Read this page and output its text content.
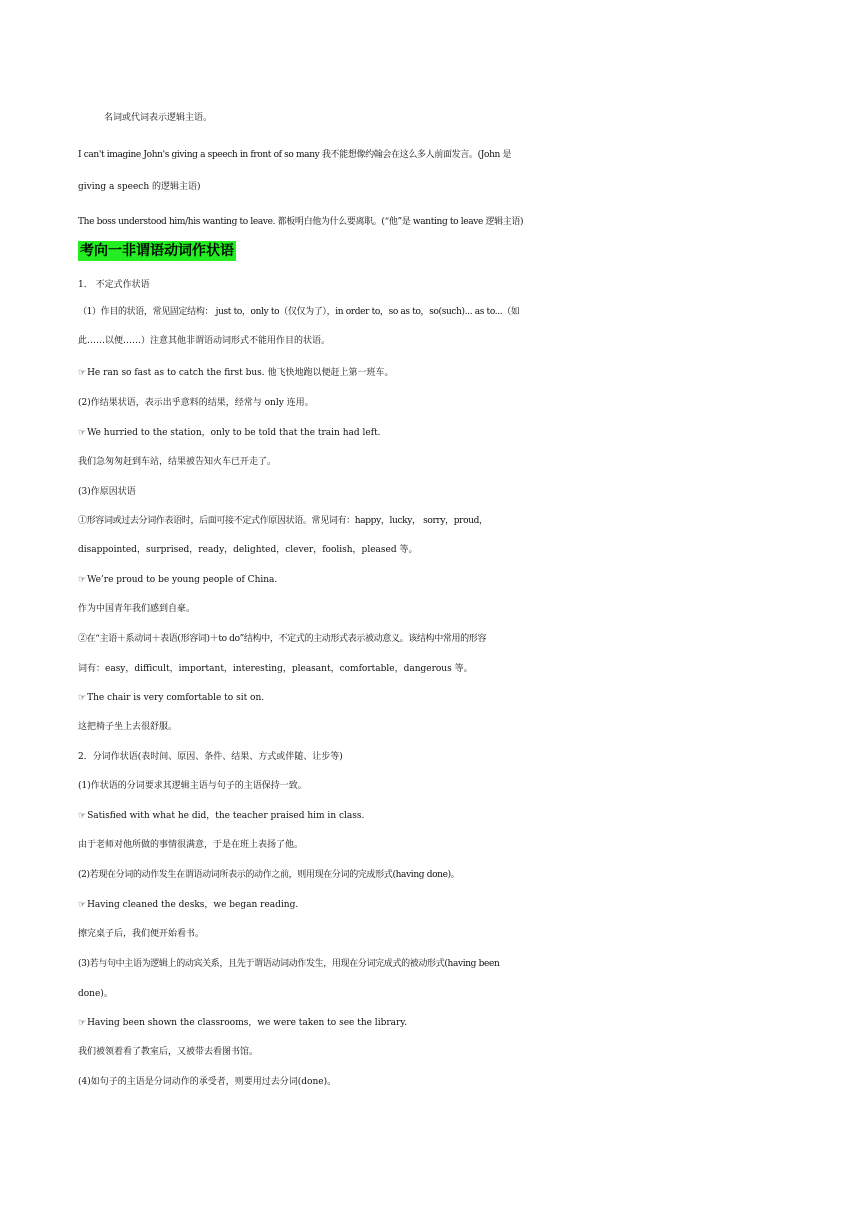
名词或代词表示逻辑主语。
I can't imagine John's giving a speech in front of so many 我不能想像约翰会在这么多人前面发言。(John 是
giving a speech 的逻辑主语)
The boss understood him/his wanting to leave. 都板明白他为什么要离职。(“他”是 wanting to leave 逻辑主语)
考向一非谓语动词作状语
1． 不定式作状语
（1）作目的状语，常见固定结构： just to，only to（仅仅为了），in order to，so as to，so(such)... as to...（如
此……以便……）注意其他非谓语动词形式不能用作目的状语。
☞He ran so fast as to catch the first bus. 他飞快地跑以便赶上第一班车。
(2)作结果状语，表示出乎意料的结果，经常与 only 连用。
☞We hurried to the station，only to be told that the train had left.
我们急匆匆赶到车站，结果被告知火车已开走了。
(3)作原因状语
①形容词或过去分词作表语时，后面可接不定式作原因状语。常见词有：happy，lucky， sorry，proud，
disappointed，surprised，ready，delighted，clever，foolish，pleased 等。
☞We’re proud to be young people of China.
作为中国青年我们感到自豪。
②在“主语＋系动词＋表语(形容词)＋to do”结构中，不定式的主动形式表示被动意义。该结构中常用的形容
词有：easy，difficult，important，interesting，pleasant，comfortable，dangerous 等。
☞The chair is very comfortable to sit on.
这把椅子坐上去很舒服。
2．分词作状语(表时间、原因、条件、结果、方式或伴随、让步等)
(1)作状语的分词要求其逻辑主语与句子的主语保持一致。
☞Satisfied with what he did，the teacher praised him in class.
由于老师对他所做的事情很满意，于是在班上表扬了他。
(2)若现在分词的动作发生在谓语动词所表示的动作之前，则用现在分词的完成形式(having done)。
☞Having cleaned the desks，we began reading.
擦完桌子后，我们便开始看书。
(3)若与句中主语为逻辑上的动宾关系，且先于谓语动词动作发生，用现在分词完成式的被动形式(having been
done)。
☞Having been shown the classrooms，we were taken to see the library.
我们被领着看了教室后，又被带去看图书馆。
(4)如句子的主语是分词动作的承受者，则要用过去分词(done)。
